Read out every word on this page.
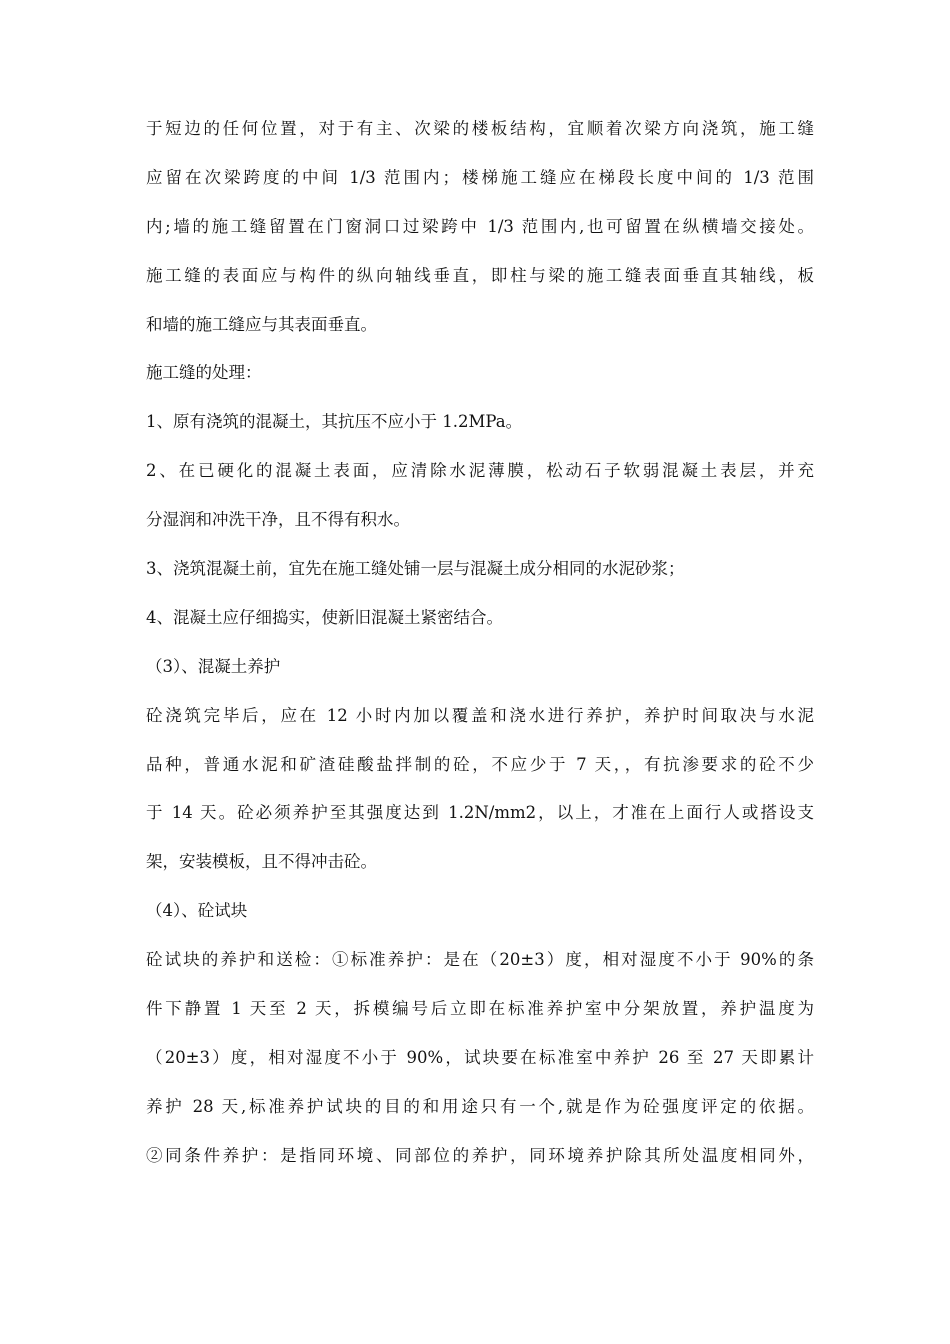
于短边的任何位置，对于有主、次梁的楼板结构，宜顺着次梁方向浇筑，施工缝
应留在次梁跨度的中间 1/3 范围内；楼梯施工缝应在梯段长度中间的 1/3 范围
内;墙的施工缝留置在门窗洞口过梁跨中 1/3 范围内,也可留置在纵横墙交接处。
施工缝的表面应与构件的纵向轴线垂直，即柱与梁的施工缝表面垂直其轴线，板
和墙的施工缝应与其表面垂直。
施工缝的处理：
1、原有浇筑的混凝土，其抗压不应小于 1.2MPa。
2、在已硬化的混凝土表面，应清除水泥薄膜，松动石子软弱混凝土表层，并充
分湿润和冲洗干净，且不得有积水。
3、浇筑混凝土前，宜先在施工缝处铺一层与混凝土成分相同的水泥砂浆；
4、混凝土应仔细捣实，使新旧混凝土紧密结合。
（3）、混凝土养护
砼浇筑完毕后，应在 12 小时内加以覆盖和浇水进行养护，养护时间取决与水泥
品种，普通水泥和矿渣硅酸盐拌制的砼，不应少于 7 天，，有抗渗要求的砼不少
于 14 天。砼必须养护至其强度达到 1.2N/mm2，以上，才准在上面行人或搭设支
架，安装模板，且不得冲击砼。
（4）、砼试块
砼试块的养护和送检：①标准养护：是在（20±3）度，相对湿度不小于 90%的条
件下静置 1 天至 2 天，拆模编号后立即在标准养护室中分架放置，养护温度为
（20±3）度，相对湿度不小于 90%，试块要在标准室中养护 26 至 27 天即累计
养护 28 天,标准养护试块的目的和用途只有一个,就是作为砼强度评定的依据。
②同条件养护：是指同环境、同部位的养护，同环境养护除其所处温度相同外，
